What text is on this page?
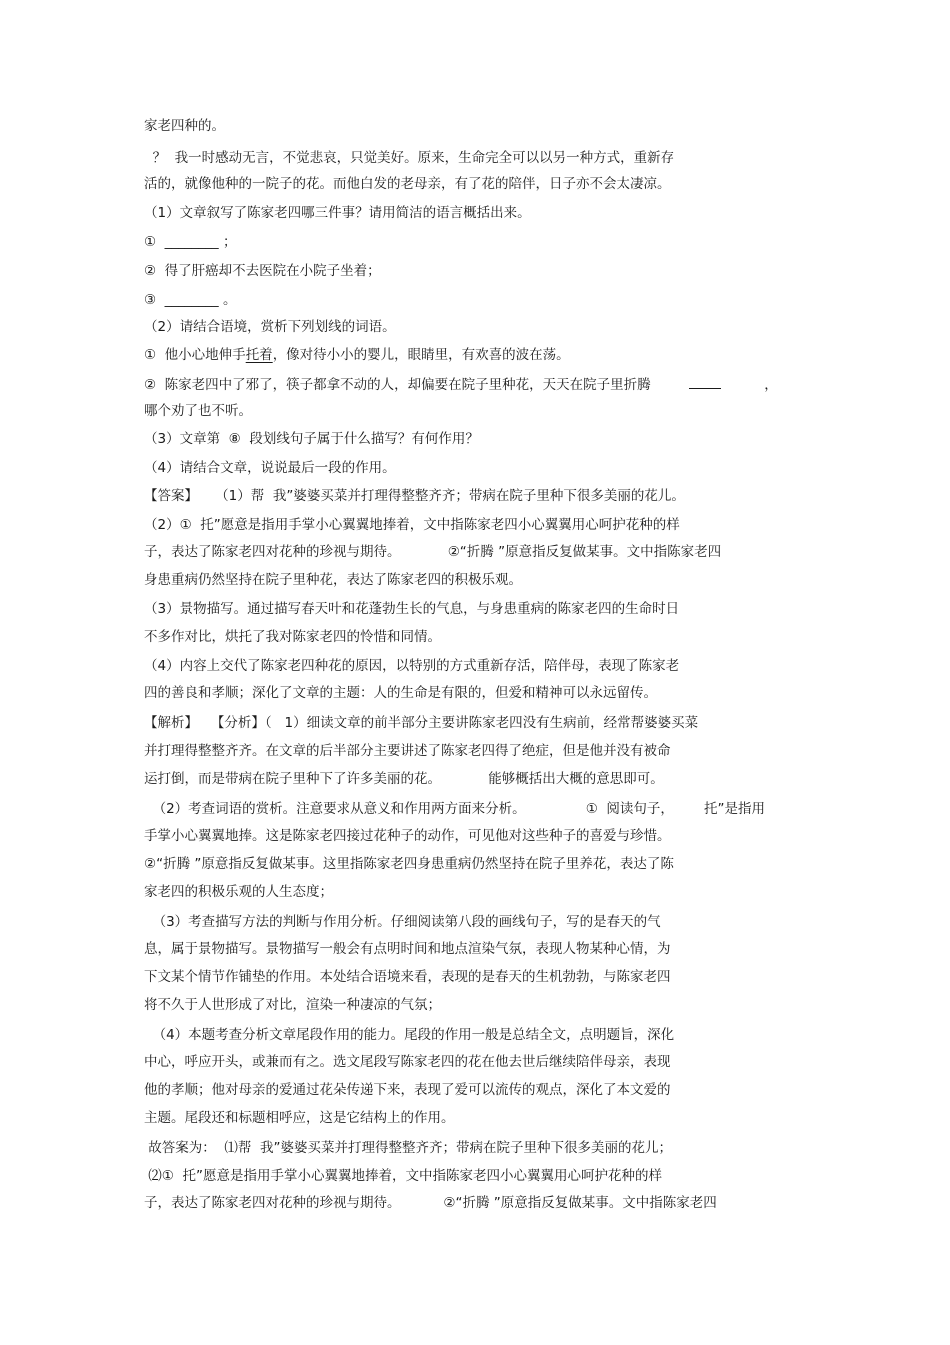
家老四种的。

？  我一时感动无言，不觉悲哀，只觉美好。原来，生命完全可以以另一种方式，重新存

活的，就像他种的一院子的花。而他白发的老母亲，有了花的陪伴，日子亦不会太凄凉。

（1）文章叙写了陈家老四哪三件事？请用简洁的语言概括出来。

①  ________ ；

②  得了肝癌却不去医院在小院子坐着；

③  ________ 。

（2）请结合语境，赏析下列划线的词语。

①  他小心地伸手托着，像对待小小的婴儿，眼睛里，有欢喜的波在荡。

②  陈家老四中了邪了，筷子都拿不动的人，却偏要在院子里种花，天天在院子里折腾	，

哪个劝了也不听。

（3）文章第  ⑧  段划线句子属于什么描写？有何作用？

（4）请结合文章，说说最后一段的作用。

【答案】    （1）帮  我”婆婆买菜并打理得整整齐齐；带病在院子里种下很多美丽的花儿。

（2）①  托”愿意是指用手掌小心翼翼地捧着，文中指陈家老四小心翼翼用心呵护花种的样

子，表达了陈家老四对花种的珍视与期待。           ②“折腾 ”原意指反复做某事。文中指陈家老四

身患重病仍然坚持在院子里种花，表达了陈家老四的积极乐观。

（3）景物描写。通过描写春天叶和花蓬勃生长的气息，与身患重病的陈家老四的生命时日

不多作对比，烘托了我对陈家老四的怜惜和同情。

（4）内容上交代了陈家老四种花的原因，以特别的方式重新存活，陪伴母，表现了陈家老

四的善良和孝顺；深化了文章的主题：人的生命是有限的，但爱和精神可以永远留传。

【解析】   【分析】（   1）细读文章的前半部分主要讲陈家老四没有生病前，经常帮婆婆买菜

并打理得整整齐齐。在文章的后半部分主要讲述了陈家老四得了绝症，但是他并没有被命

运打倒，而是带病在院子里种下了许多美丽的花。           能够概括出大概的意思即可。

（2）考查词语的赏析。注意要求从意义和作用两方面来分析。              ①  阅读句子，       托”是指用

手掌小心翼翼地捧。这是陈家老四接过花种子的动作，可见他对这些种子的喜爱与珍惜。

②“折腾 ”原意指反复做某事。这里指陈家老四身患重病仍然坚持在院子里养花，表达了陈

家老四的积极乐观的人生态度；

（3）考查描写方法的判断与作用分析。仔细阅读第八段的画线句子，写的是春天的气

息，属于景物描写。景物描写一般会有点明时间和地点渲染气氛，表现人物某种心情，为

下文某个情节作铺垫的作用。本处结合语境来看，表现的是春天的生机勃勃，与陈家老四

将不久于人世形成了对比，渲染一种凄凉的气氛；

（4）本题考查分析文章尾段作用的能力。尾段的作用一般是总结全文，点明题旨，深化

中心，呼应开头，或兼而有之。选文尾段写陈家老四的花在他去世后继续陪伴母亲，表现

他的孝顺；他对母亲的爱通过花朵传递下来，表现了爱可以流传的观点，深化了本文爱的

主题。尾段还和标题相呼应，这是它结构上的作用。

故答案为：  ⑴帮  我”婆婆买菜并打理得整整齐齐；带病在院子里种下很多美丽的花儿；

⑵①  托”愿意是指用手掌小心翼翼地捧着，文中指陈家老四小心翼翼用心呵护花种的样

子，表达了陈家老四对花种的珍视与期待。          ②“折腾 ”原意指反复做某事。文中指陈家老四
